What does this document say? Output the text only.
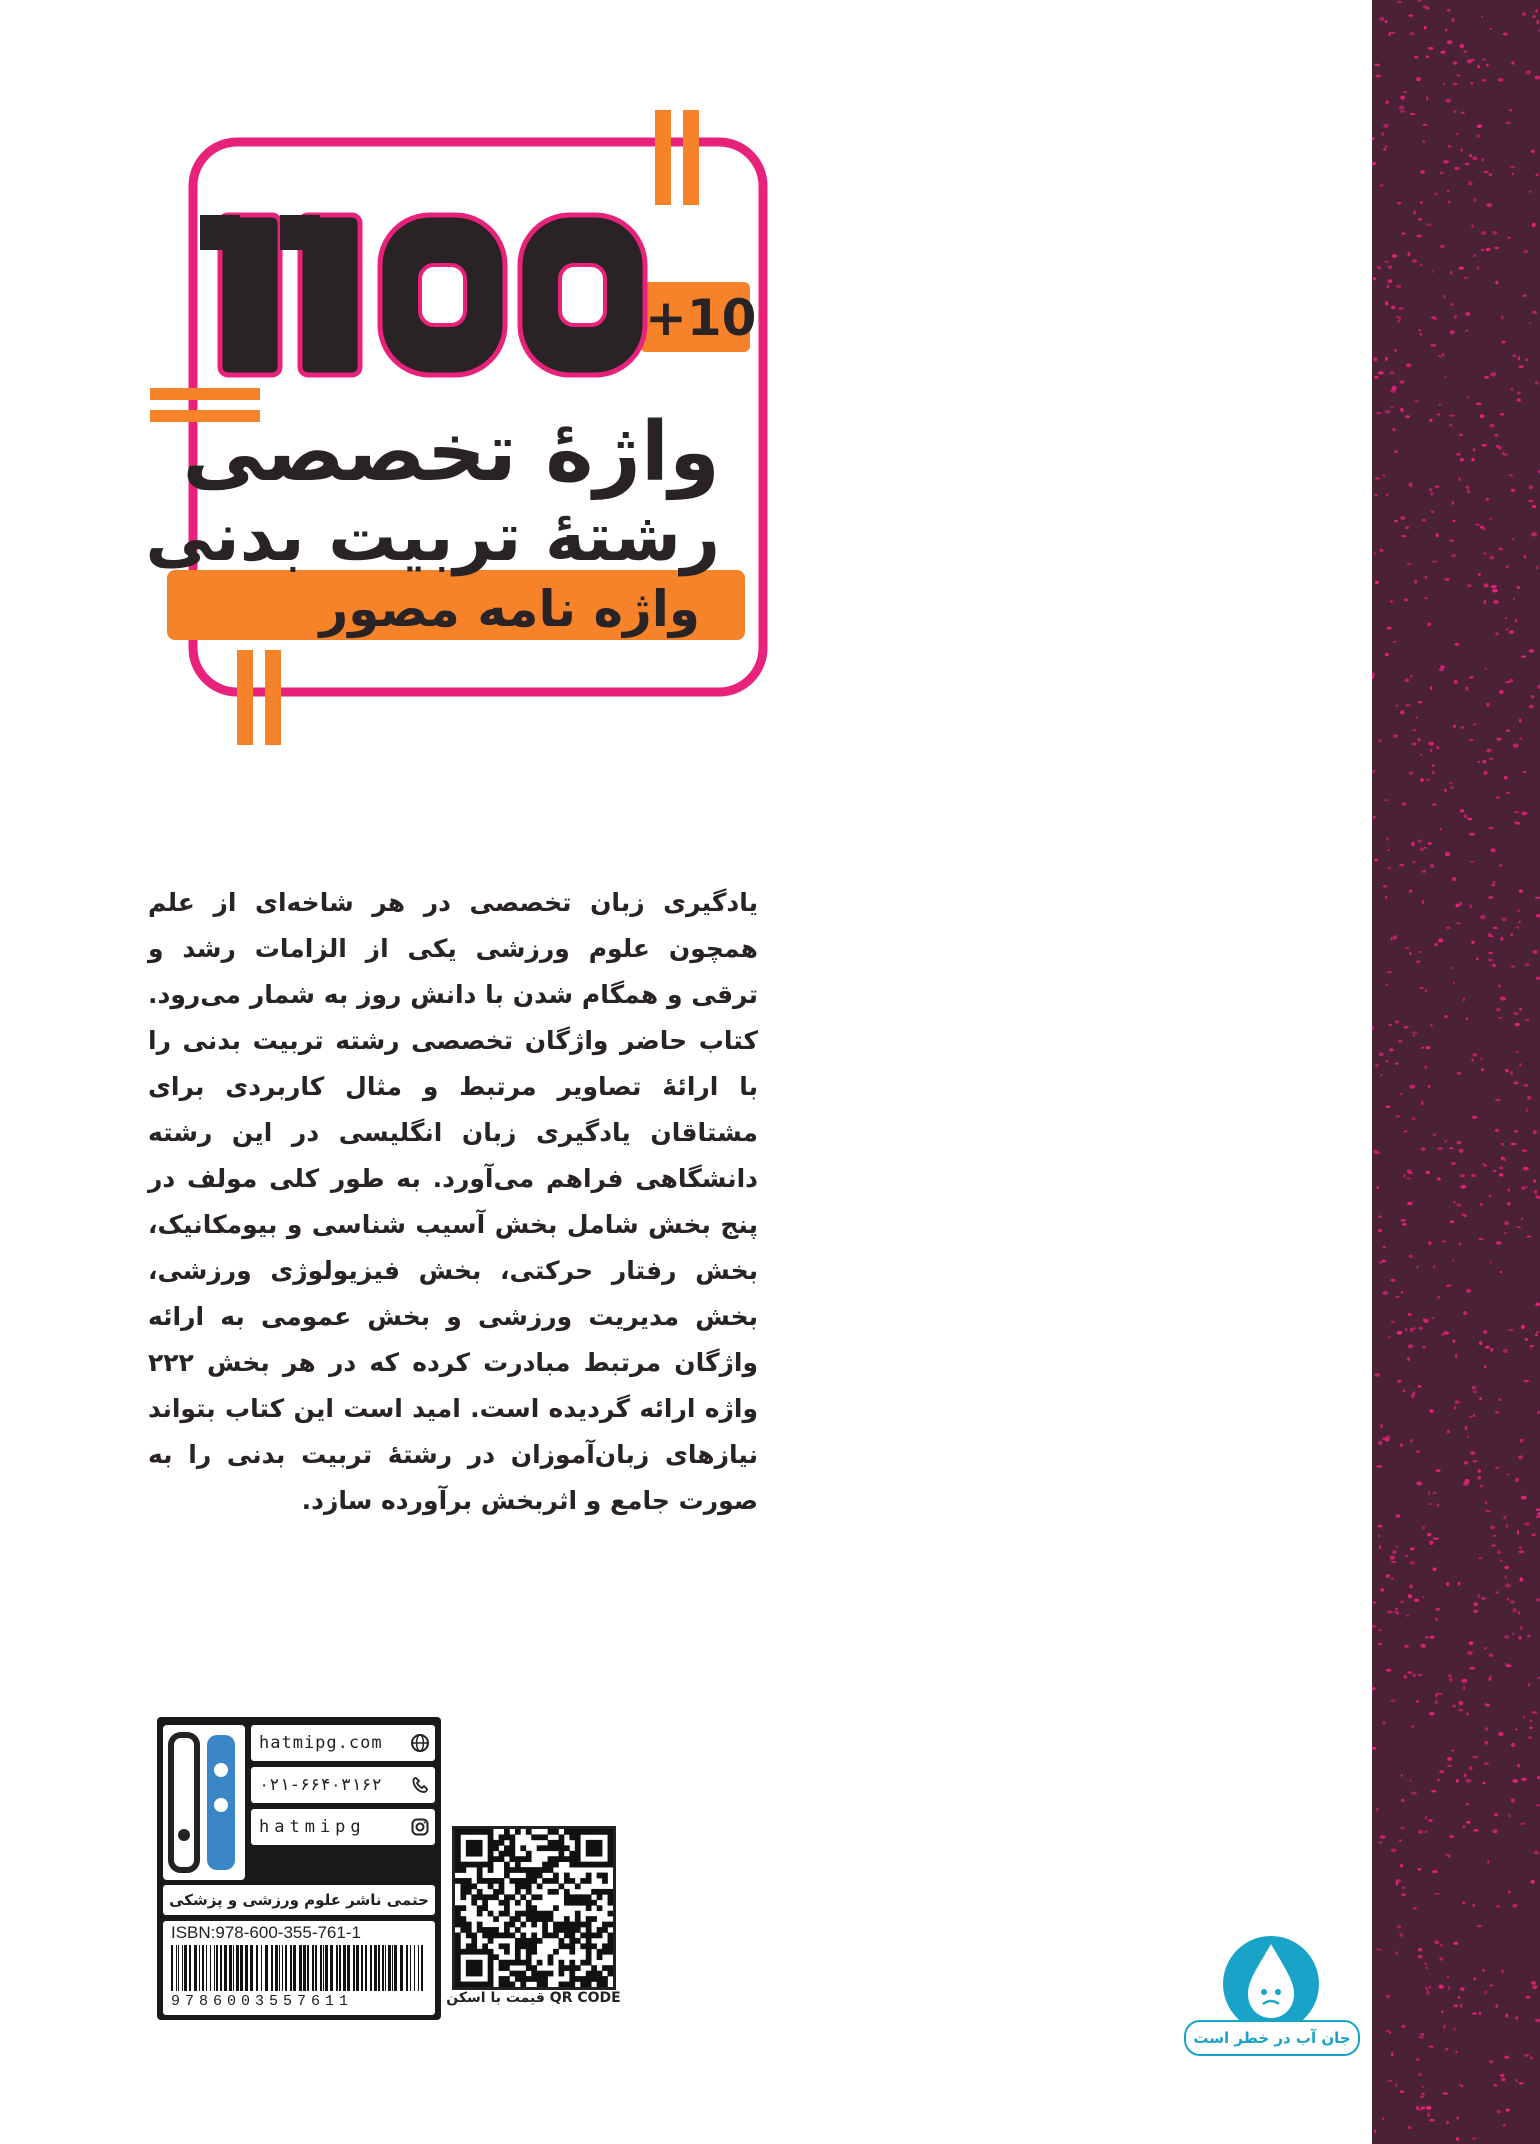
+10
واژهٔ تخصصی
رشتهٔ تربیت بدنی
واژه نامه مصور

یادگیری زبان تخصصی در هر شاخه‌ای از علم همچون علوم ورزشی یکی از الزامات رشد و ترقی و همگام شدن با دانش روز به شمار می‌رود. کتاب حاضر واژگان تخصصی رشته تربیت بدنی را با ارائهٔ تصاویر مرتبط و مثال کاربردی برای مشتاقان یادگیری زبان انگلیسی در این رشته دانشگاهی فراهم می‌آورد. به طور کلی مولف در پنج بخش شامل بخش آسیب شناسی و بیومکانیک، بخش رفتار حرکتی، بخش فیزیولوژی ورزشی، بخش مدیریت ورزشی و بخش عمومی به ارائه واژگان مرتبط مبادرت کرده که در هر بخش ۲۲۲ واژه ارائه گردیده است. امید است این کتاب بتواند نیازهای زبان‌آموزان در رشتهٔ تربیت بدنی را به صورت جامع و اثربخش برآورده سازد.

hatmipg.com
۰۲۱-۶۶۴۰۳۱۶۲
hatmipg
حتمی ناشر علوم ورزشی و پزشکی
ISBN:978-600-355-761-1
9786003557611	قیمت با اسکن QR CODE
جان آب در خطر است
